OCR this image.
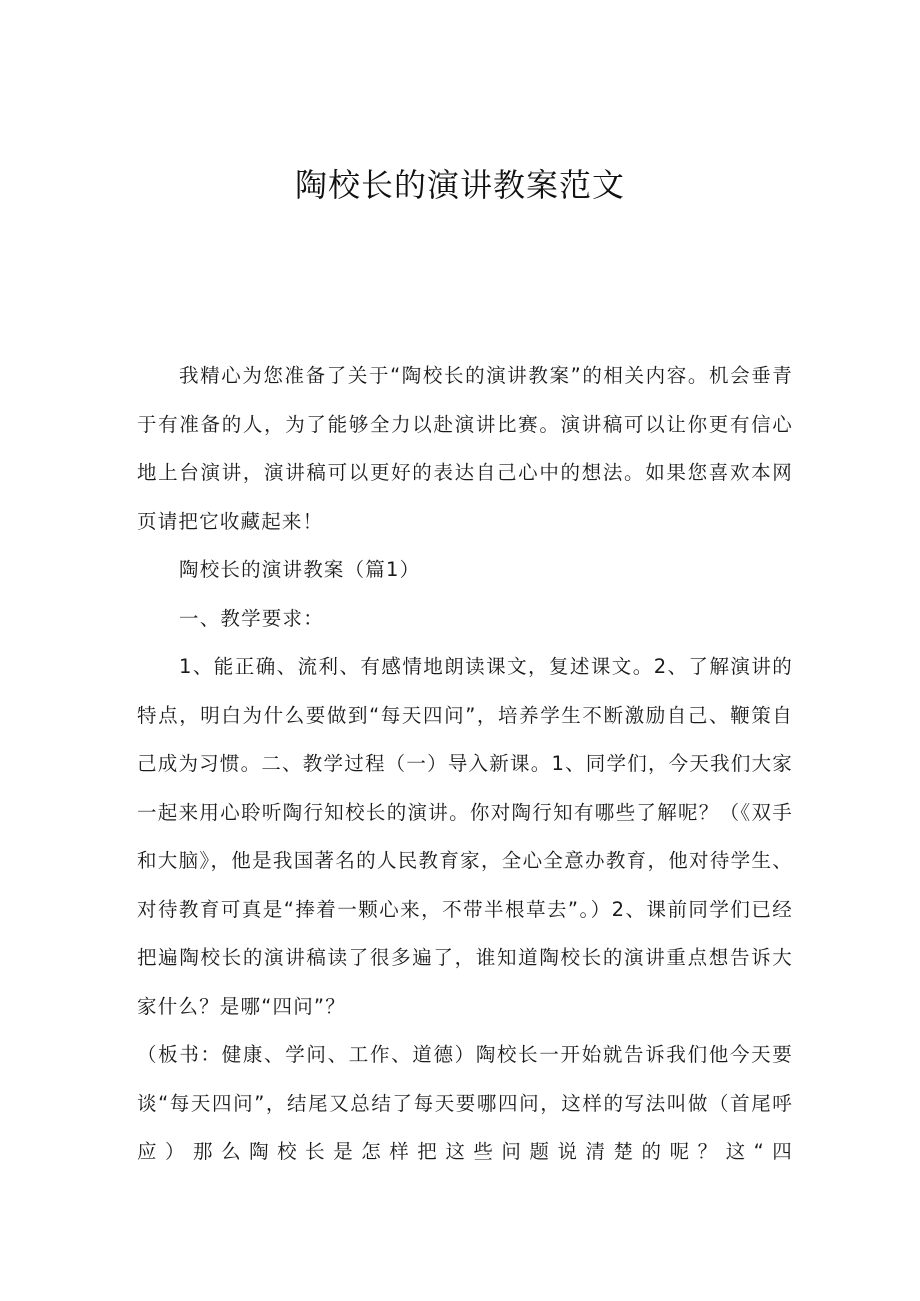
陶校长的演讲教案范文

我精心为您准备了关于“陶校长的演讲教案”的相关内容。机会垂青于有准备的人，为了能够全力以赴演讲比赛。演讲稿可以让你更有信心地上台演讲，演讲稿可以更好的表达自己心中的想法。如果您喜欢本网页请把它收藏起来！

陶校长的演讲教案（篇1）

一、教学要求：

1、能正确、流利、有感情地朗读课文，复述课文。2、了解演讲的特点，明白为什么要做到“每天四问”，培养学生不断激励自己、鞭策自己成为习惯。二、教学过程（一）导入新课。1、同学们，今天我们大家一起来用心聆听陶行知校长的演讲。你对陶行知有哪些了解呢？（《双手和大脑》，他是我国著名的人民教育家，全心全意办教育，他对待学生、对待教育可真是“捧着一颗心来，不带半根草去”。）2、课前同学们已经把遍陶校长的演讲稿读了很多遍了，谁知道陶校长的演讲重点想告诉大家什么？是哪“四问”？

（板书：健康、学问、工作、道德）陶校长一开始就告诉我们他今天要谈“每天四问”，结尾又总结了每天要哪四问，这样的写法叫做（首尾呼应）那么陶校长是怎样把这些问题说清楚的呢？这“四
